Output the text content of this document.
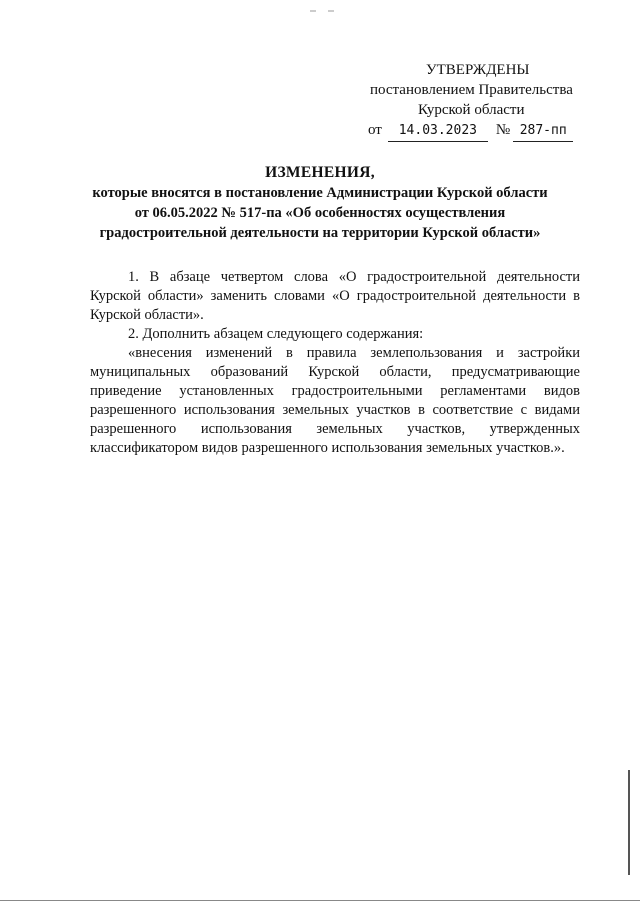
УТВЕРЖДЕНЫ
постановлением Правительства
Курской области
от 14.03.2023 № 287-пп
ИЗМЕНЕНИЯ,
которые вносятся в постановление Администрации Курской области
от 06.05.2022 № 517-па «Об особенностях осуществления
градостроительной деятельности на территории Курской области»

1. В абзаце четвертом слова «О градостроительной деятельности Курской области» заменить словами «О градостроительной деятельности в Курской области».

2. Дополнить абзацем следующего содержания:

«внесения изменений в правила землепользования и застройки муниципальных образований Курской области, предусматривающие приведение установленных градостроительными регламентами видов разрешенного использования земельных участков в соответствие с видами разрешенного использования земельных участков, утвержденных классификатором видов разрешенного использования земельных участков.».
